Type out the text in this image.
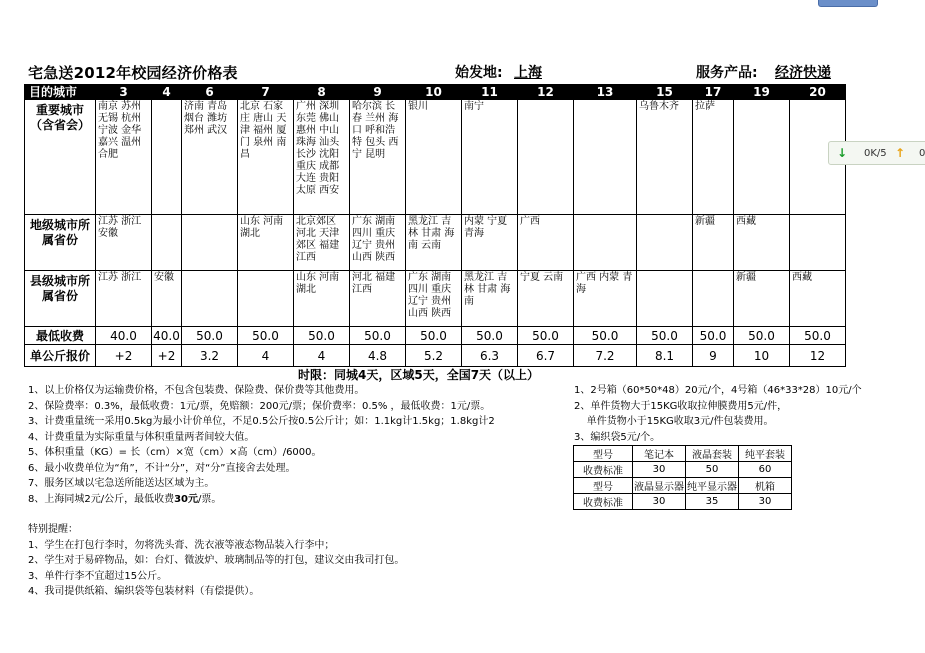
宅急送2012年校园经济价格表	始发地: 上海	服务产品: 经济快递
目的城市	3	4	6	7	8	9	10	11	12	13	15	17	19	20
重要城市（含省会）	南京 苏州 无锡 杭州 宁波 金华 嘉兴 温州 合肥		济南 青岛 烟台 潍坊 郑州 武汉	北京 石家庄 唐山 天津 福州 厦门 泉州 南昌	广州 深圳 东莞 佛山 惠州 中山 珠海 汕头 长沙 沈阳 重庆 成都 大连 贵阳 太原 西安	哈尔滨 长春 兰州 海口 呼和浩特 包头 西宁 昆明	银川	南宁			乌鲁木齐	拉萨		
地级城市所属省份	江苏 浙江 安徽			山东 河南 湖北	北京郊区 河北 天津郊区 福建 江西	广东 湖南 四川 重庆 辽宁 贵州 山西 陕西	黑龙江 吉林 甘肃 海南 云南	内蒙 宁夏 青海	广西			新疆	西藏	
县级城市所属省份	江苏 浙江	安徽			山东 河南 湖北	河北 福建 江西	广东 湖南 四川 重庆 辽宁 贵州 山西 陕西	黑龙江 吉林 甘肃 海南	宁夏 云南	广西 内蒙 青海			新疆	西藏
最低收费	40.0	40.0	50.0	50.0	50.0	50.0	50.0	50.0	50.0	50.0	50.0	50.0	50.0	50.0
单公斤报价	+2	+2	3.2	4	4	4.8	5.2	6.3	6.7	7.2	8.1	9	10	12
时限：同城4天，区域5天，全国7天（以上）
1、以上价格仅为运输费价格，不包含包装费、保险费、保价费等其他费用。
2、保险费率：0.3%，最低收费：1元/票，免赔额：200元/票；保价费率：0.5% ，最低收费：1元/票。
3、计费重量统一采用0.5kg为最小计价单位，不足0.5公斤按0.5公斤计；如：1.1kg计1.5kg；1.8kg计2
4、计费重量为实际重量与体积重量两者间较大值。
5、体积重量（KG）= 长（cm）×宽（cm）×高（cm）/6000。
6、最小收费单位为“角”，不计“分”，对“分”直接舍去处理。
7、服务区域以宅急送所能送达区域为主。
8、上海同城2元/公斤，最低收费30元/票。
特别提醒：
1、学生在打包行李时，勿将洗头膏、洗衣液等液态物品装入行李中；
2、学生对于易碎物品，如：台灯、微波炉、玻璃制品等的打包，建议交由我司打包。
3、单件行李不宜超过15公斤。
4、我司提供纸箱、编织袋等包装材料（有偿提供）。
1、2号箱（60*50*48）20元/个，4号箱（46*33*28）10元/个
2、单件货物大于15KG收取拉伸膜费用5元/件，
单件货物小于15KG收取3元/件包装费用。
3、编织袋5元/个。
型号	笔记本	液晶套装	纯平套装
收费标准	30	50	60
型号	液晶显示器	纯平显示器	机箱
收费标准	30	35	30
↓ 0K/5 ↑ 0
